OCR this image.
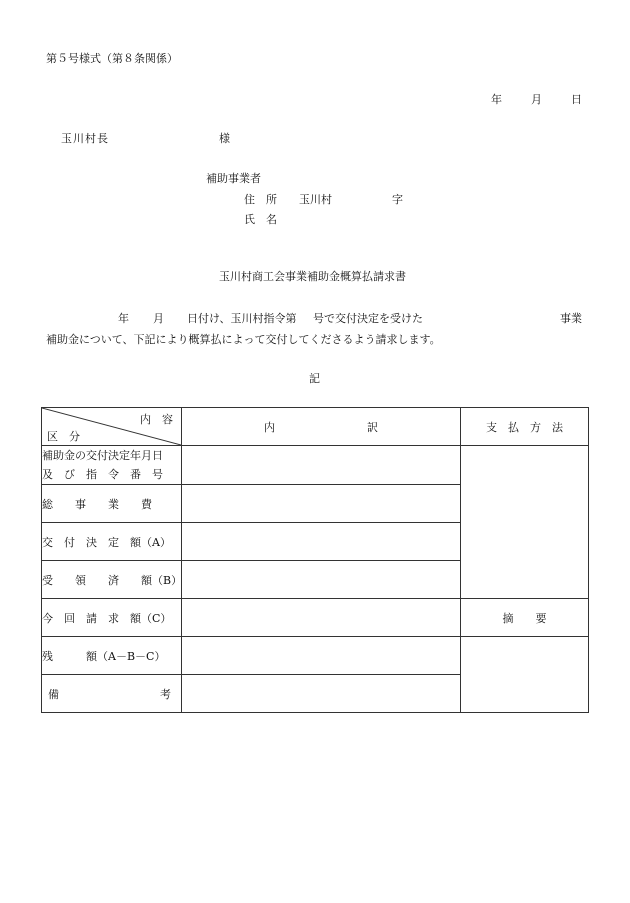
第５号様式（第８条関係）
年	月	日
玉川村長	様
補助事業者
住　所 玉川村	字
氏　名
玉川村商工会事業補助金概算払請求書
年 月 日付け、玉川村指令第 号で交付決定を受けた	事業
補助金について、下記により概算払によって交付してくださるよう請求します。
記
内　容
区　分	内 訳	支　払　方　法

補助金の交付決定年月日
及　び　指　令　番　号		

総　　事　　業　　費		
交　付　決　定　額（A）		
受　　領　　済　　額（B）		
今　回　請　求　額（C）		摘　　要
残　　　額（A－B－C）		

備 考		
